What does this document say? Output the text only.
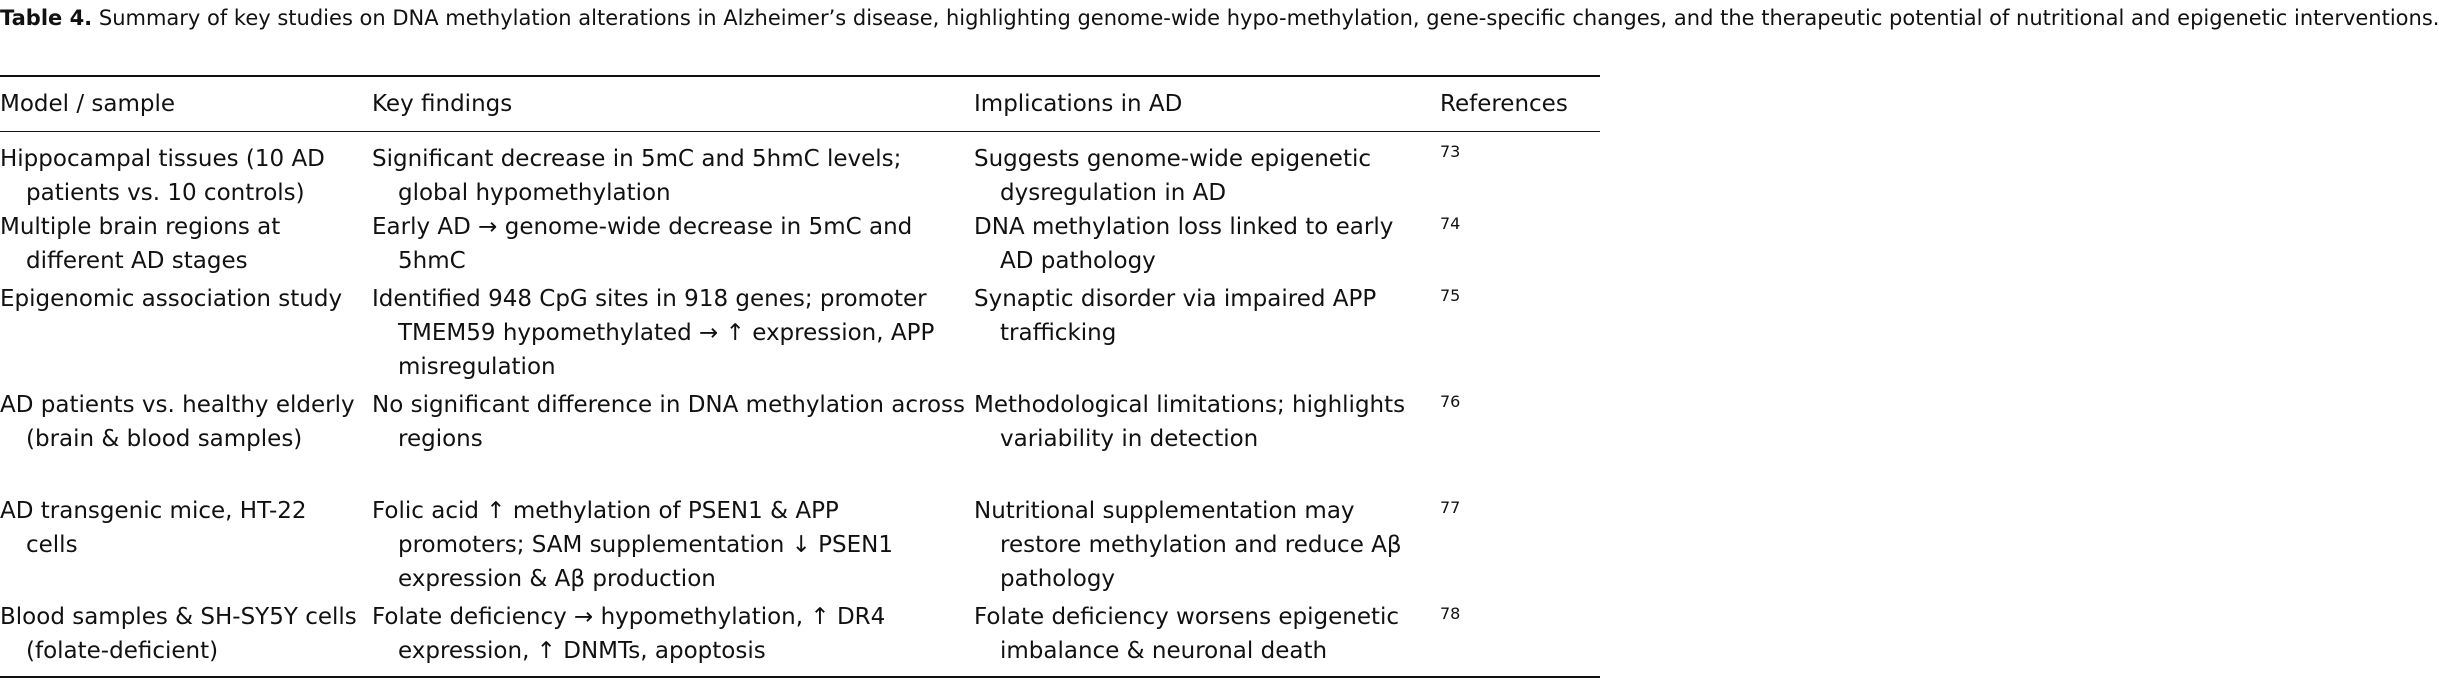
Table 4. Summary of key studies on DNA methylation alterations in Alzheimer’s disease, highlighting genome-wide hypo-methylation, gene-specific changes, and the therapeutic potential of nutritional and epigenetic interventions.
Model / sample	Key findings	Implications in AD	References

Hippocampal tissues (10 AD patients vs. 10 controls)	Significant decrease in 5mC and 5hmC levels; global hypomethylation	Suggests genome-wide epigenetic dysregulation in AD	73

Multiple brain regions at different AD stages	Early AD → genome-wide decrease in 5mC and 5hmC	DNA methylation loss linked to early AD pathology	74

Epigenomic association study	Identified 948 CpG sites in 918 genes; promoter TMEM59 hypomethylated → ↑ expression, APP misregulation	Synaptic disorder via impaired APP trafficking	75

AD patients vs. healthy elderly (brain & blood samples)	No significant difference in DNA methylation across regions	Methodological limitations; highlights variability in detection	76

AD transgenic mice, HT-22 cells	Folic acid ↑ methylation of PSEN1 & APP promoters; SAM supplementation ↓ PSEN1 expression & Aβ production	Nutritional supplementation may restore methylation and reduce Aβ pathology	77

Blood samples & SH-SY5Y cells (folate-deficient)	Folate deficiency → hypomethylation, ↑ DR4 expression, ↑ DNMTs, apoptosis	Folate deficiency worsens epigenetic imbalance & neuronal death	78
